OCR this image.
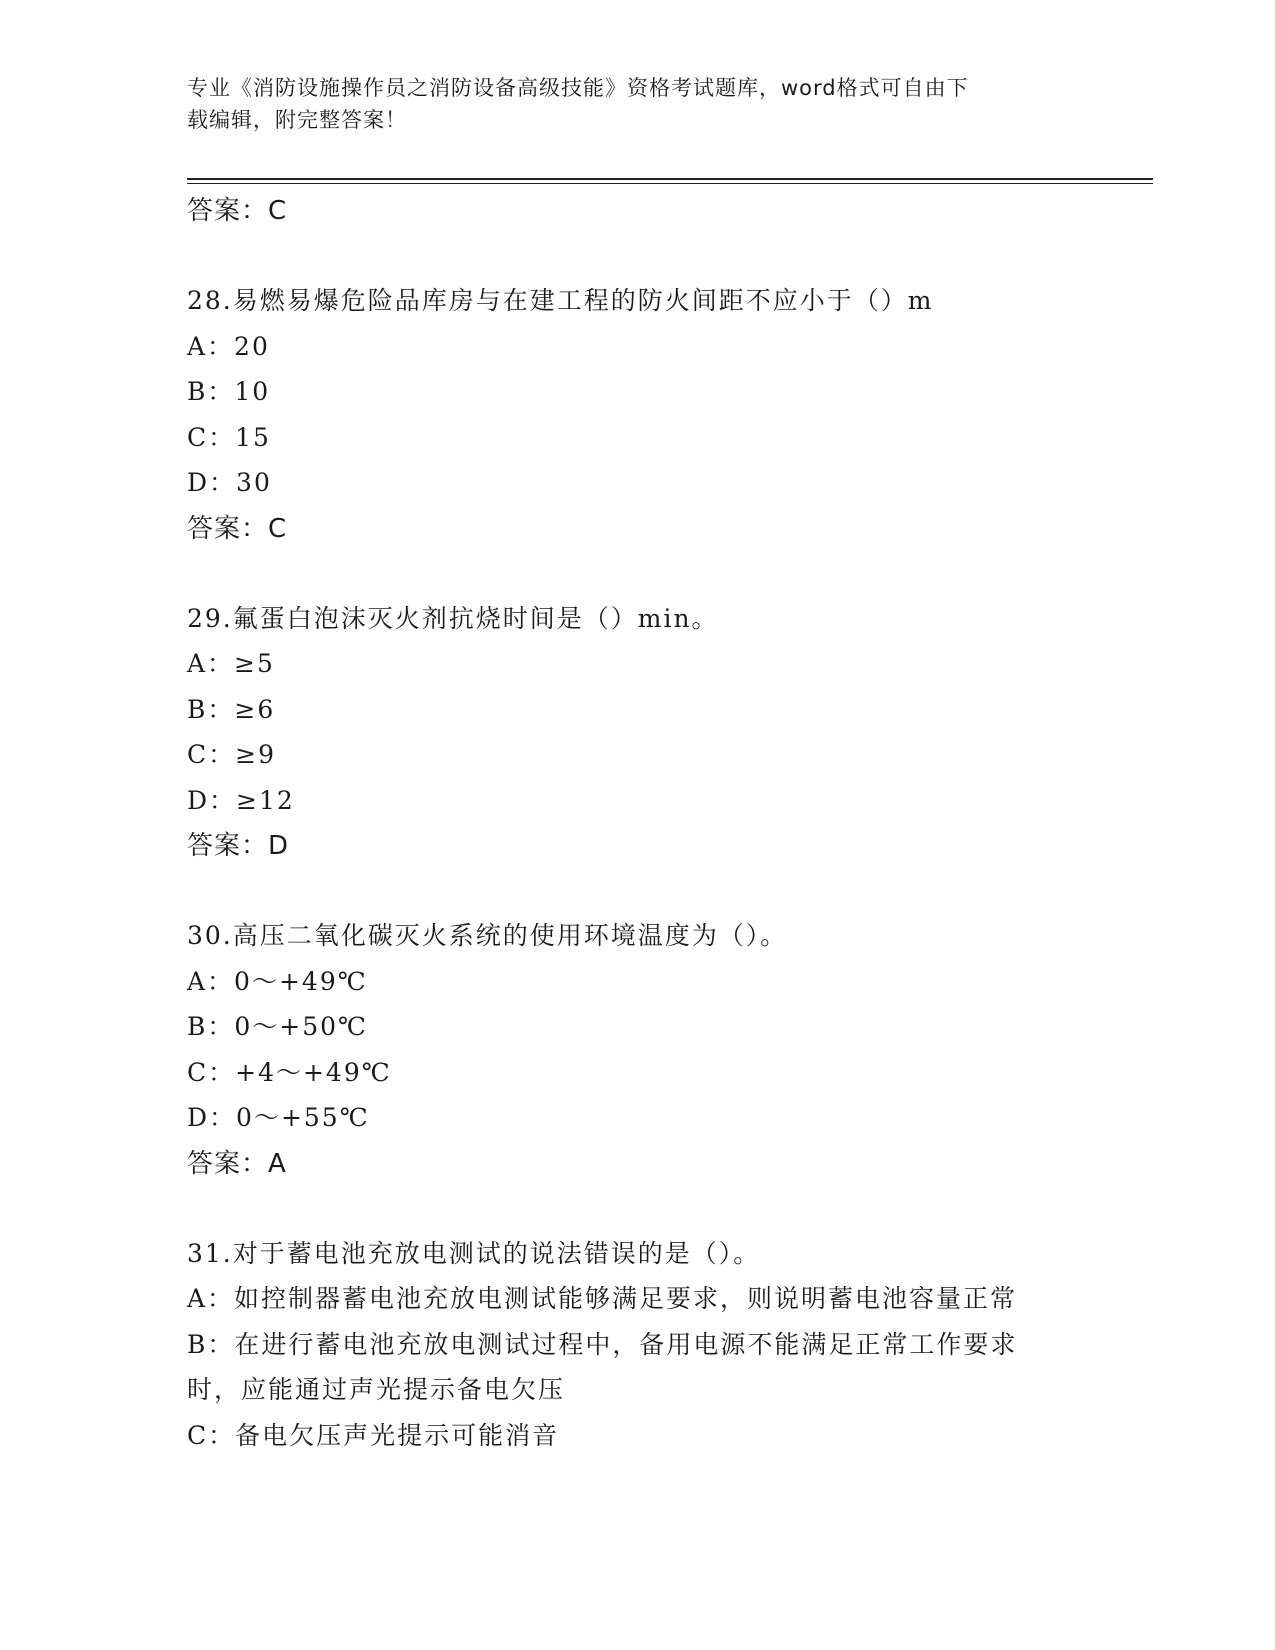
专业《消防设施操作员之消防设备高级技能》资格考试题库，word格式可自由下
载编辑，附完整答案！
答案：C
28.易燃易爆危险品库房与在建工程的防火间距不应小于（）m
A：20
B：10
C：15
D：30
答案：C
29.氟蛋白泡沫灭火剂抗烧时间是（）min。
A：≥5
B：≥6
C：≥9
D：≥12
答案：D
30.高压二氧化碳灭火系统的使用环境温度为（）。
A：0～+49℃
B：0～+50℃
C：+4～+49℃
D：0～+55℃
答案：A
31.对于蓄电池充放电测试的说法错误的是（）。
A：如控制器蓄电池充放电测试能够满足要求，则说明蓄电池容量正常
B：在进行蓄电池充放电测试过程中，备用电源不能满足正常工作要求
时，应能通过声光提示备电欠压
C：备电欠压声光提示可能消音
